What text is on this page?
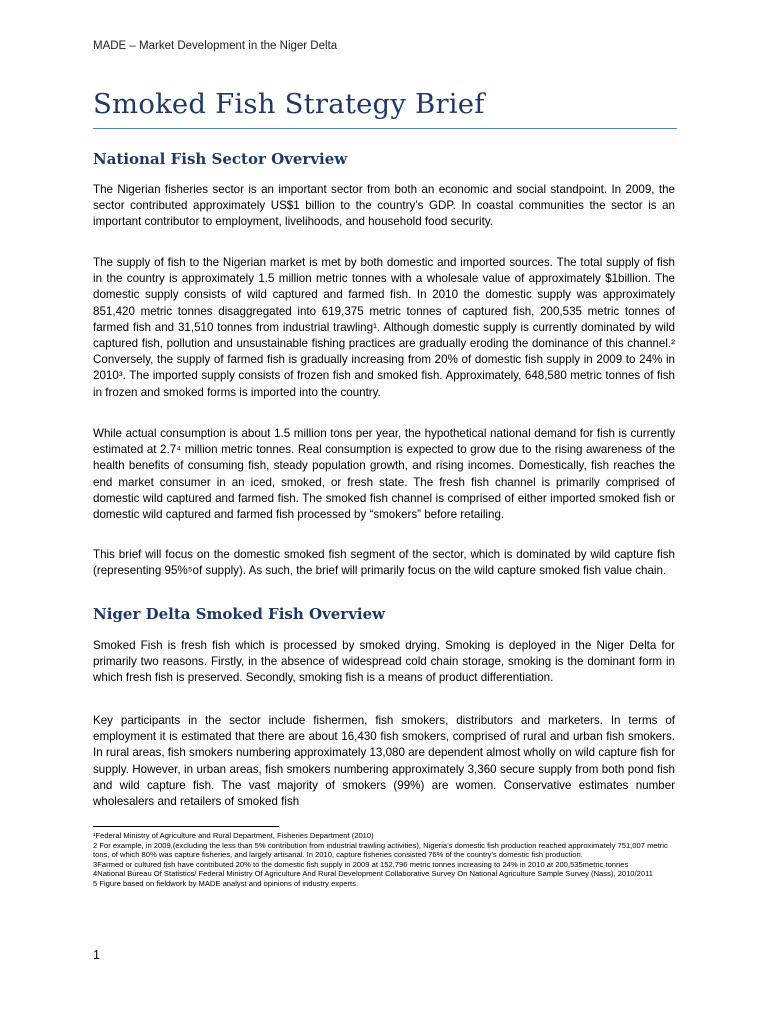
MADE – Market Development in the Niger Delta
Smoked Fish Strategy Brief
National Fish Sector Overview

The Nigerian fisheries sector is an important sector from both an economic and social standpoint. In 2009, the sector contributed approximately US$1 billion to the country’s GDP. In coastal communities the sector is an important contributor to employment, livelihoods, and household food security.

The supply of fish to the Nigerian market is met by both domestic and imported sources. The total supply of fish in the country is approximately 1.5 million metric tonnes with a wholesale value of approximately $1billion. The domestic supply consists of wild captured and farmed fish. In 2010 the domestic supply was approximately 851,420 metric tonnes disaggregated into 619,375 metric tonnes of captured fish, 200,535 metric tonnes of farmed fish and 31,510 tonnes from industrial trawling¹. Although domestic supply is currently dominated by wild captured fish, pollution and unsustainable fishing practices are gradually eroding the dominance of this channel.² Conversely, the supply of farmed fish is gradually increasing from 20% of domestic fish supply in 2009 to 24% in 2010³. The imported supply consists of frozen fish and smoked fish. Approximately, 648,580 metric tonnes of fish in frozen and smoked forms is imported into the country.

While actual consumption is about 1.5 million tons per year, the hypothetical national demand for fish is currently estimated at 2.7⁴ million metric tonnes. Real consumption is expected to grow due to the rising awareness of the health benefits of consuming fish, steady population growth, and rising incomes. Domestically, fish reaches the end market consumer in an iced, smoked, or fresh state. The fresh fish channel is primarily comprised of domestic wild captured and farmed fish. The smoked fish channel is comprised of either imported smoked fish or domestic wild captured and farmed fish processed by “smokers” before retailing.

This brief will focus on the domestic smoked fish segment of the sector, which is dominated by wild capture fish (representing 95%⁵of supply). As such, the brief will primarily focus on the wild capture smoked fish value chain.

Niger Delta Smoked Fish Overview

Smoked Fish is fresh fish which is processed by smoked drying. Smoking is deployed in the Niger Delta for primarily two reasons. Firstly, in the absence of widespread cold chain storage, smoking is the dominant form in which fresh fish is preserved. Secondly, smoking fish is a means of product differentiation.

Key participants in the sector include fishermen, fish smokers, distributors and marketers. In terms of employment it is estimated that there are about 16,430 fish smokers, comprised of rural and urban fish smokers. In rural areas, fish smokers numbering approximately 13,080 are dependent almost wholly on wild capture fish for supply. However, in urban areas, fish smokers numbering approximately 3,360 secure supply from both pond fish and wild capture fish. The vast majority of smokers (99%) are women. Conservative estimates number wholesalers and retailers of smoked fish

¹Federal Ministry of Agriculture and Rural Department, Fisheries Department (2010)

2 For example, in 2009,(excluding the less than 5% contribution from industrial trawling activities), Nigeria’s domestic fish production reached approximately 751,007 metric tons, of which 80% was capture fisheries, and largely artisanal. In 2010, capture fisheries consisted 76% of the country's domestic fish production.

3Farmed or cultured fish have contributed 20% to the domestic fish supply in 2009 at 152,796 metric tonnes increasing to 24% in 2010 at 200,535metric tonnes

4National Bureau Of Statistics/ Federal Ministry Of Agriculture And Rural Development Collaborative Survey On National Agriculture Sample Survey (Nass), 2010/2011

5 Figure based on fieldwork by MADE analyst and opinions of industry experts.

1
